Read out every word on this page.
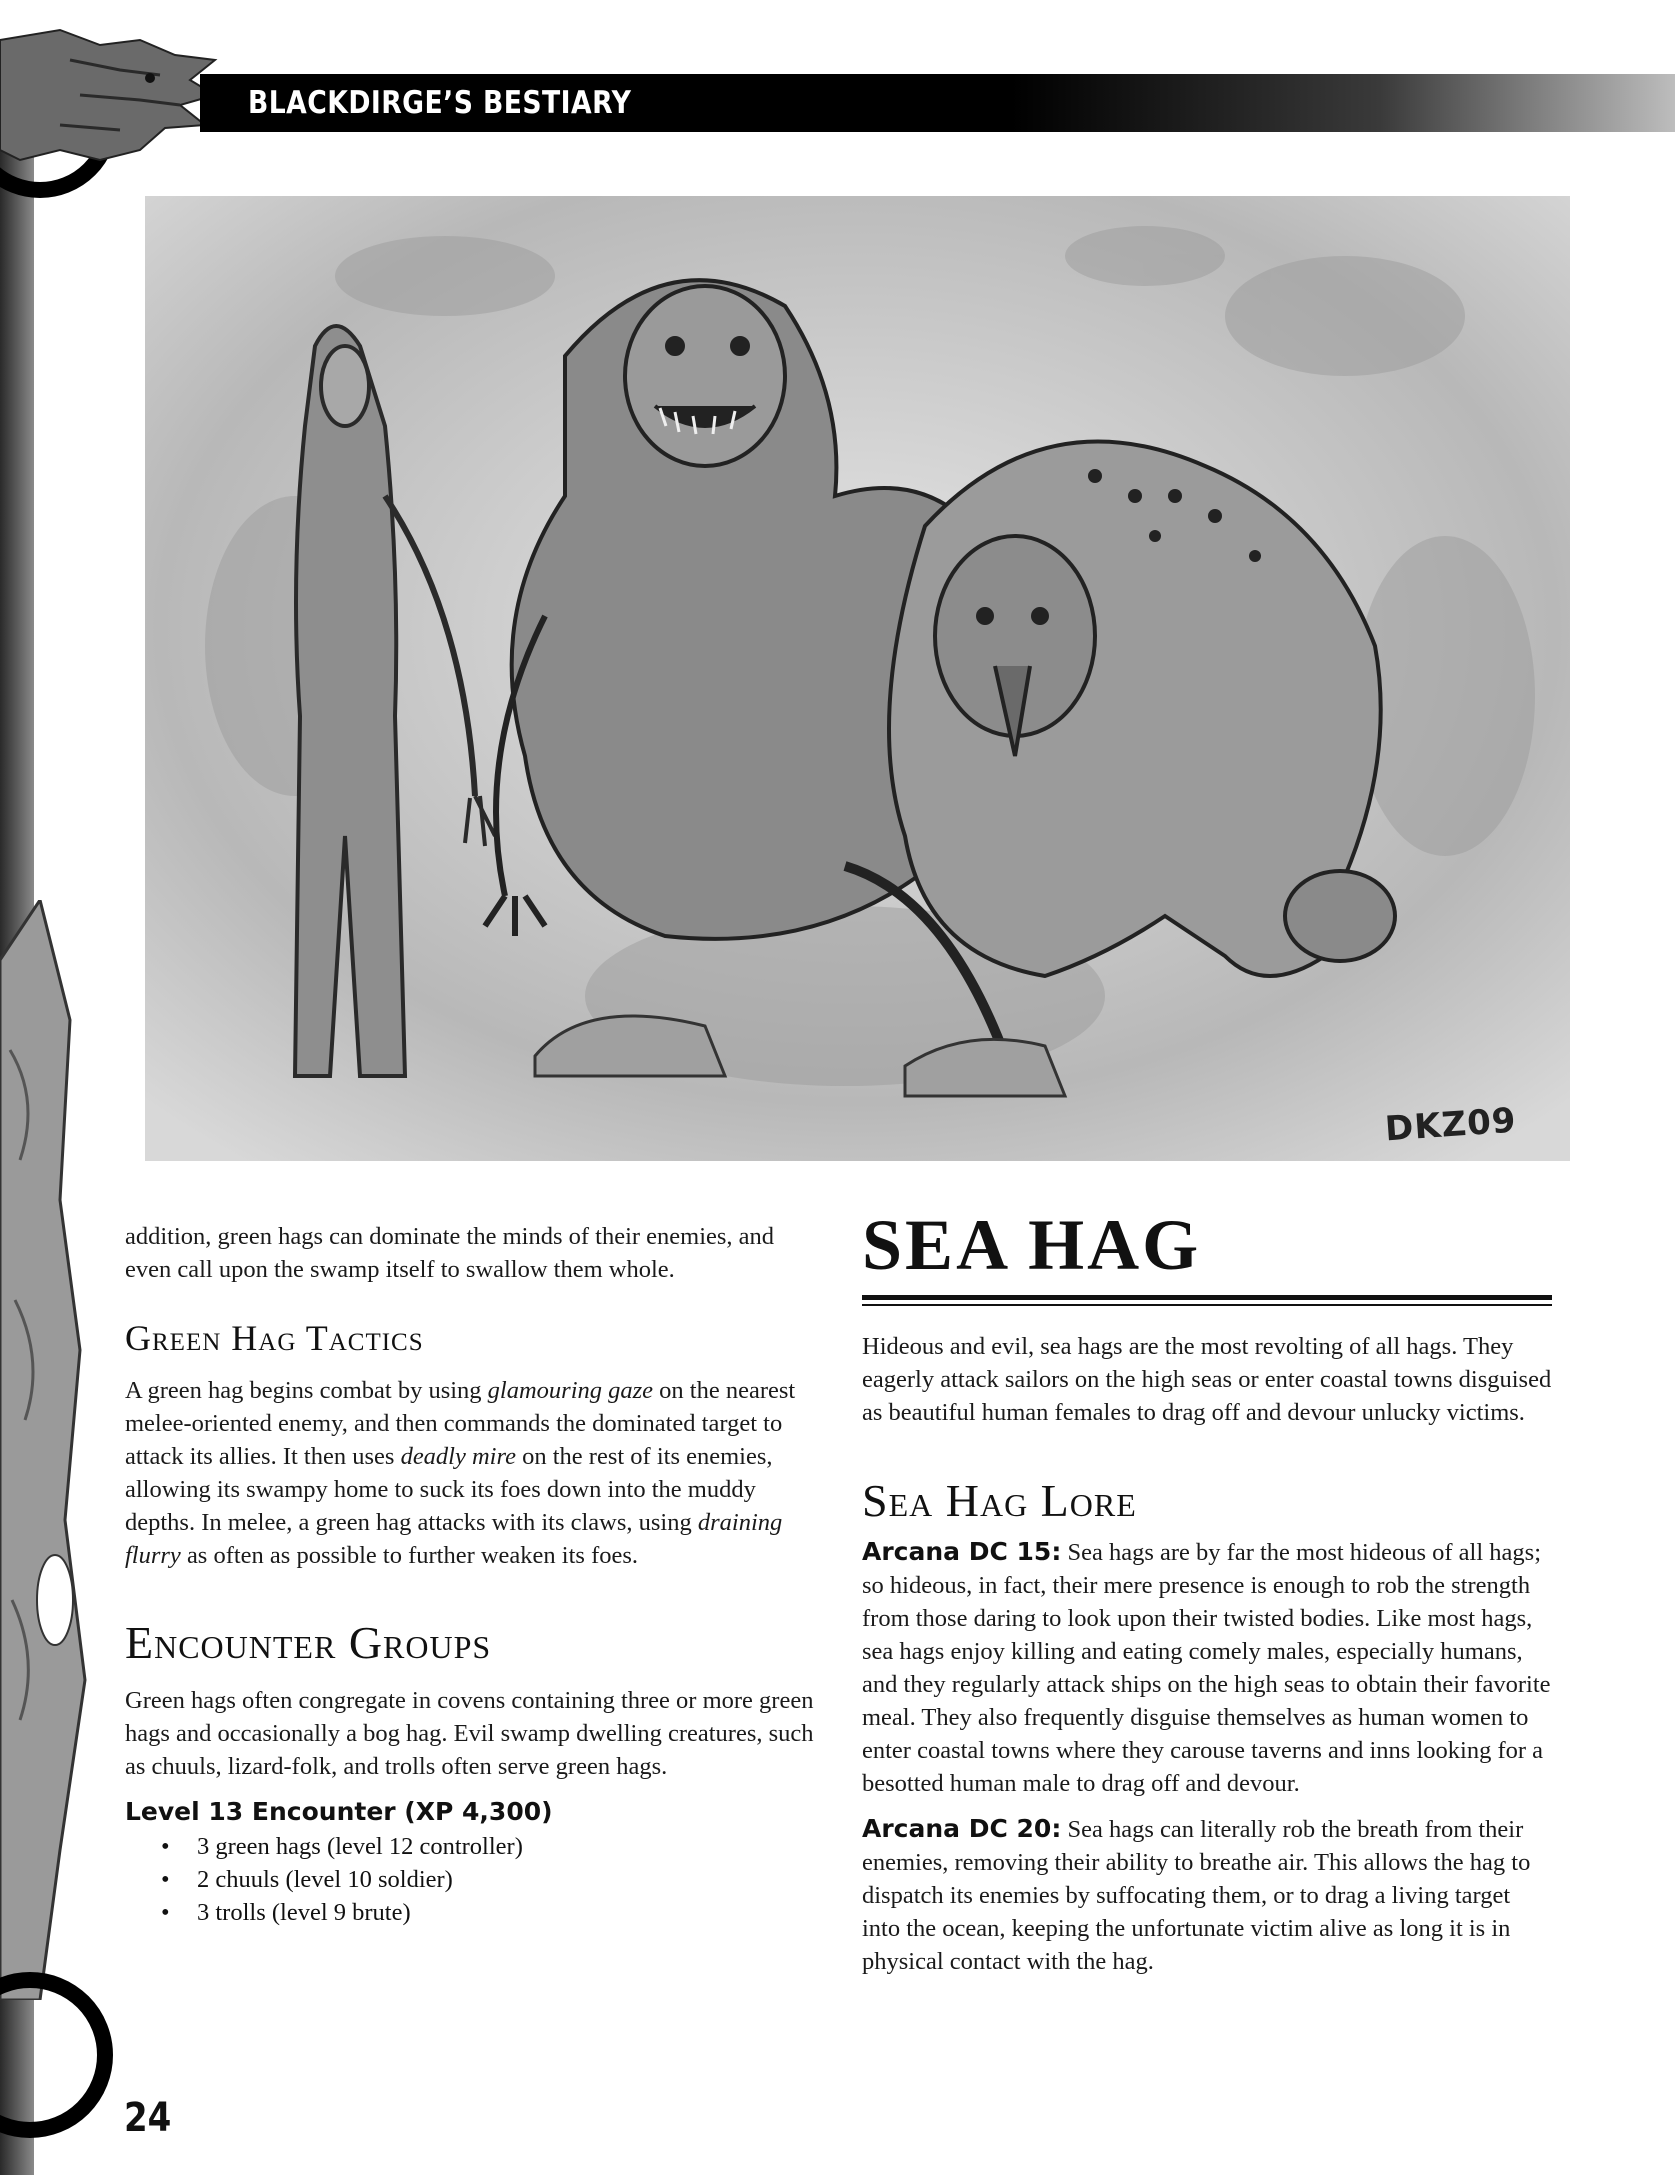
BLACKDIRGE’S BESTIARY
DKZ09

addition, green hags can dominate the minds of their enemies, and even call upon the swamp itself to swallow them whole.

Green Hag Tactics

A green hag begins combat by using glamouring gaze on the nearest melee-oriented enemy, and then commands the dominated target to attack its allies. It then uses deadly mire on the rest of its enemies, allowing its swampy home to suck its foes down into the muddy depths. In melee, a green hag attacks with its claws, using draining flurry as often as possible to further weaken its foes.

Encounter Groups

Green hags often congregate in covens containing three or more green hags and occasionally a bog hag. Evil swamp dwelling creatures, such as chuuls, lizard-folk, and trolls often serve green hags.

Level 13 Encounter (XP 4,300)
• 3 green hags (level 12 controller)
• 2 chuuls (level 10 soldier)
• 3 trolls (level 9 brute)
SEA HAG

Hideous and evil, sea hags are the most revolting of all hags. They eagerly attack sailors on the high seas or enter coastal towns disguised as beautiful human females to drag off and devour unlucky victims.

Sea Hag Lore

Arcana DC 15: Sea hags are by far the most hideous of all hags; so hideous, in fact, their mere presence is enough to rob the strength from those daring to look upon their twisted bodies. Like most hags, sea hags enjoy killing and eating comely males, especially humans, and they regularly attack ships on the high seas to obtain their favorite meal. They also frequently disguise themselves as human women to enter coastal towns where they carouse taverns and inns looking for a besotted human male to drag off and devour.

Arcana DC 20: Sea hags can literally rob the breath from their enemies, removing their ability to breathe air. This allows the hag to dispatch its enemies by suffocating them, or to drag a living target into the ocean, keeping the unfortunate victim alive as long it is in physical contact with the hag.

24
